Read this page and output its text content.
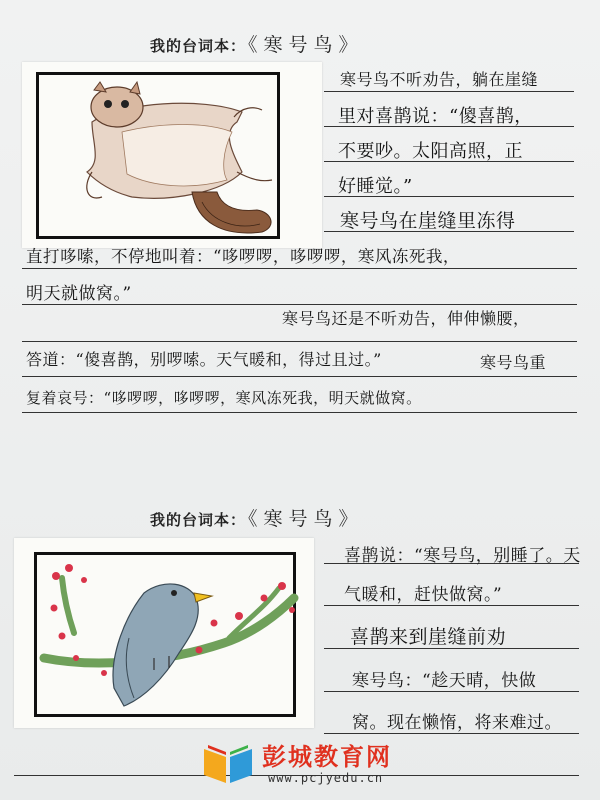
我的台词本： 《寒号鸟》
寒号鸟不听劝告，躺在崖缝
里对喜鹊说：“傻喜鹊，
不要吵。太阳高照，正
好睡觉。”
寒号鸟在崖缝里冻得
直打哆嗦，不停地叫着：“哆啰啰，哆啰啰，寒风冻死我，
明天就做窝。”
寒号鸟还是不听劝告，伸伸懒腰，
答道：“傻喜鹊，别啰嗦。天气暖和，得过且过。”	寒号鸟重
复着哀号：“哆啰啰，哆啰啰，寒风冻死我，明天就做窝。
我的台词本： 《寒号鸟》
喜鹊说：“寒号鸟，别睡了。天
气暖和，赶快做窝。”
喜鹊来到崖缝前劝
寒号鸟：“趁天晴，快做
窝。现在懒惰，将来难过。
彭城教育网
www.pcjyedu.cn
